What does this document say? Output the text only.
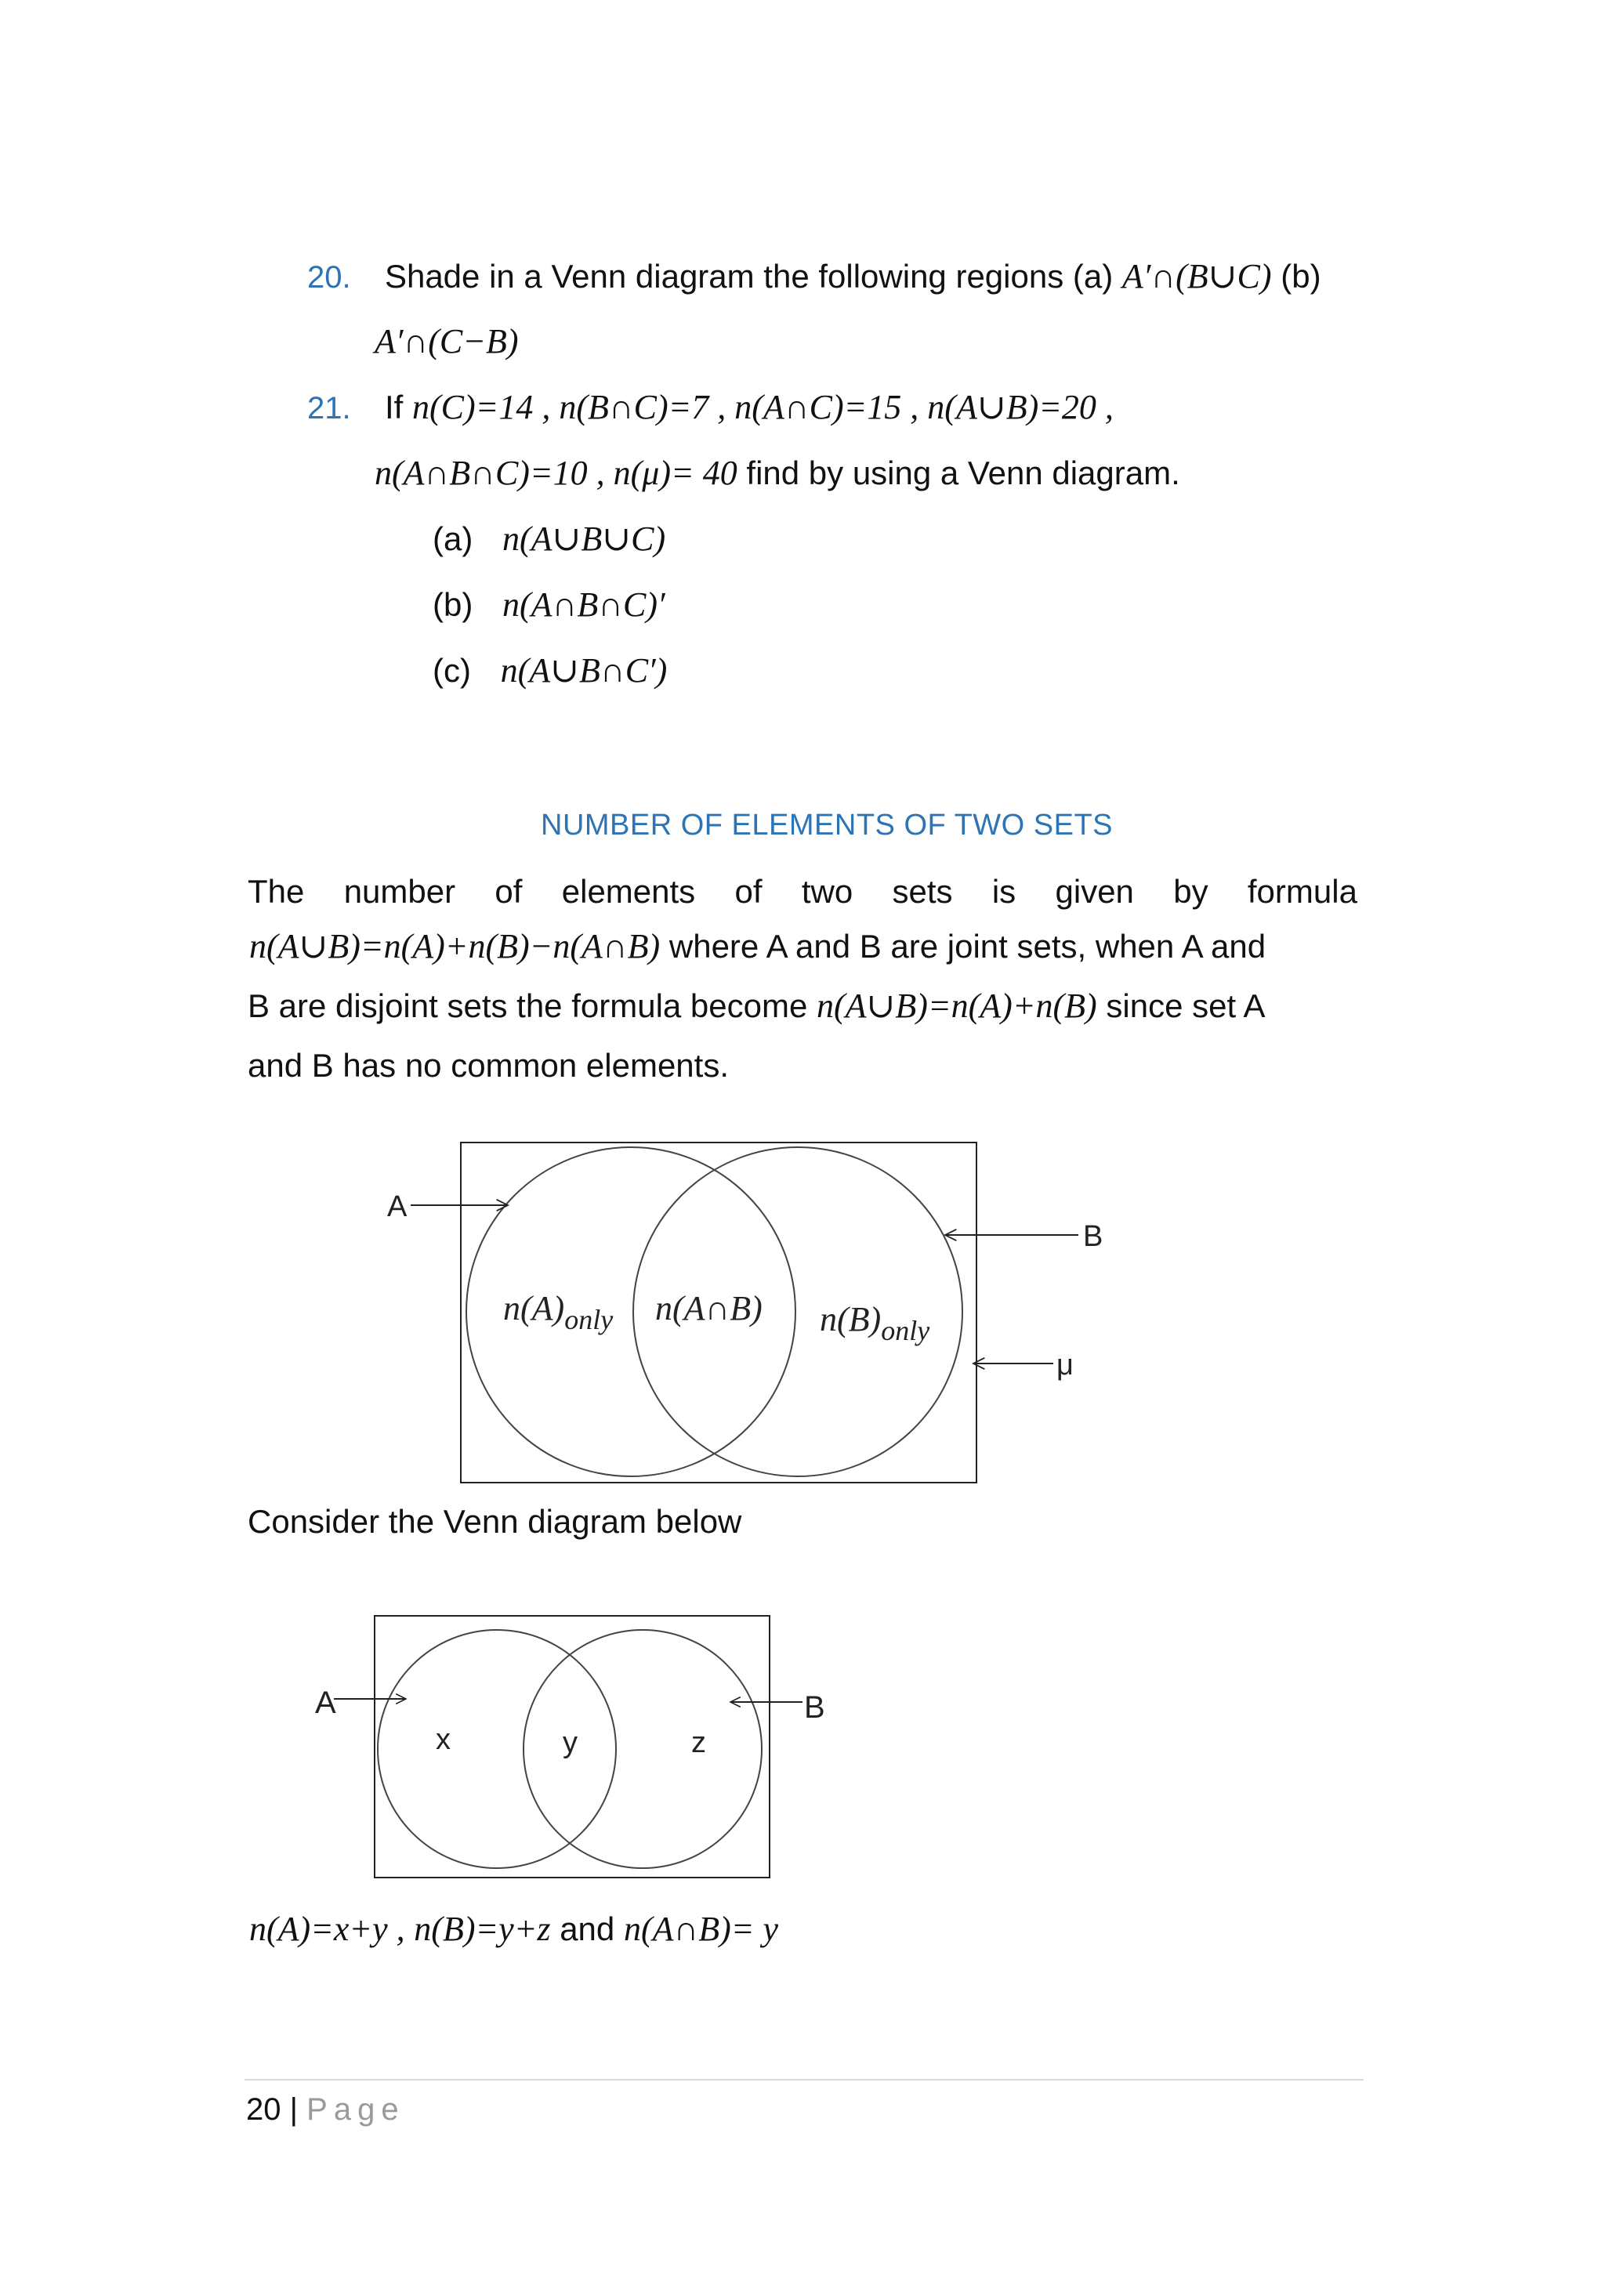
20. Shade in a Venn diagram the following regions (a) A′∩(B∪C) (b)
A′∩(C−B)
21. If n(C)=14 , n(B∩C)=7 , n(A∩C)=15 , n(A∪B)=20 ,
n(A∩B∩C)=10 , n(μ)= 40 find by using a Venn diagram.
(a) n(A∪B∪C)
(b) n(A∩B∩C)′
(c) n(A∪B∩C′)
NUMBER OF ELEMENTS OF TWO SETS
The number of elements of two sets is given by formula
n(A∪B)=n(A)+n(B)−n(A∩B) where A and B are joint sets, when A and
B are disjoint sets the formula become n(A∪B)=n(A)+n(B) since set A
and B has no common elements.
A
B
μ
$n(A)_{only}$ n(A∩B) $n(B)_{only}$
Consider the Venn diagram below
A	B
x	y	z
n(A)=x+y , n(B)=y+z and n(A∩B)= y
20 | Page
